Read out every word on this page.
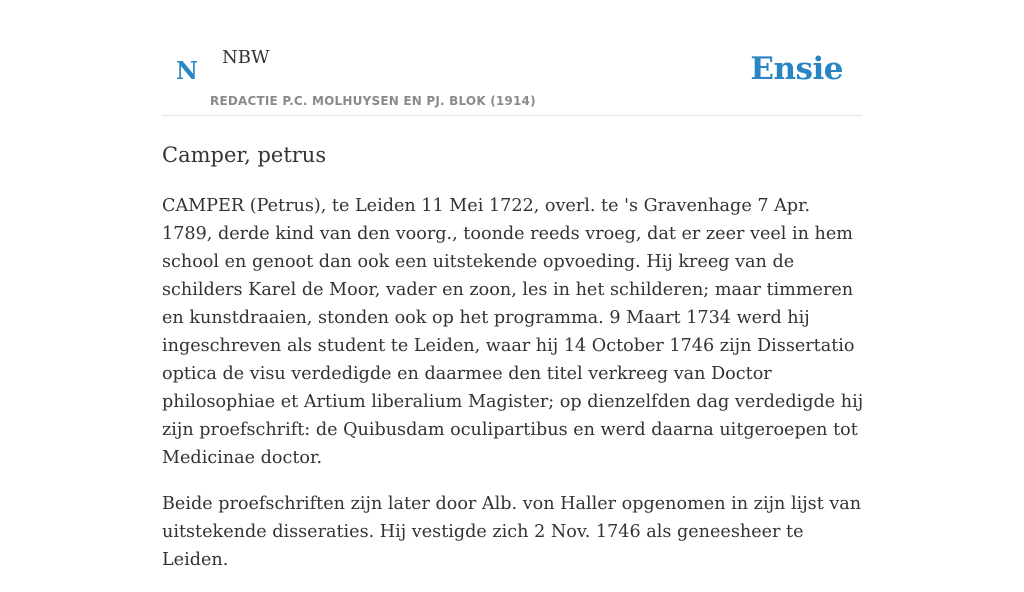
N NBW
REDACTIE P.C. MOLHUYSEN EN PJ. BLOK (1914)
Ensie
Camper, petrus

CAMPER (Petrus), te Leiden 11 Mei 1722, overl. te 's Gravenhage 7 Apr. 1789, derde kind van den voorg., toonde reeds vroeg, dat er zeer veel in hem school en genoot dan ook een uitstekende opvoeding. Hij kreeg van de schilders Karel de Moor, vader en zoon, les in het schilderen; maar timmeren en kunstdraaien, stonden ook op het programma. 9 Maart 1734 werd hij ingeschreven als student te Leiden, waar hij 14 October 1746 zijn Dissertatio optica de visu verdedigde en daarmee den titel verkreeg van Doctor philosophiae et Artium liberalium Magister; op dienzelfden dag verdedigde hij zijn proefschrift: de Quibusdam oculipartibus en werd daarna uitgeroepen tot Medicinae doctor.

Beide proefschriften zijn later door Alb. von Haller opgenomen in zijn lijst van uitstekende disseraties. Hij vestigde zich 2 Nov. 1746 als geneesheer te Leiden.
